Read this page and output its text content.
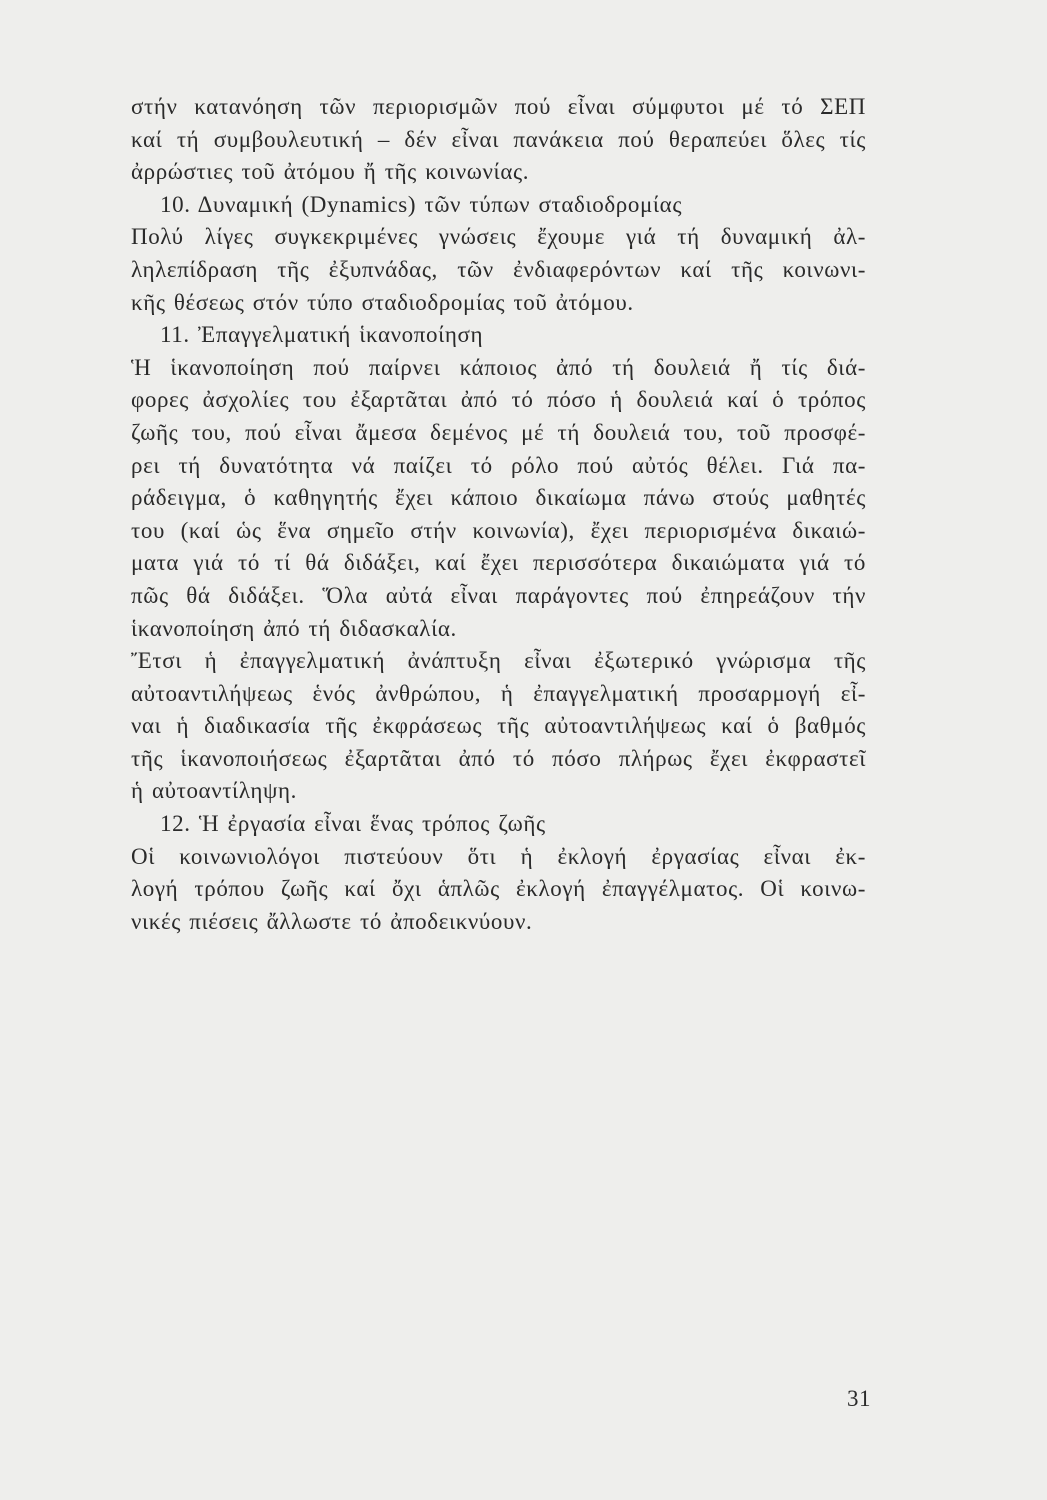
στήν κατανόηση τῶν περιορισμῶν πού εἶναι σύμφυτοι μέ τό ΣΕΠ
καί τή συμβουλευτική – δέν εἶναι πανάκεια πού θεραπεύει ὅλες τίς
ἀρρώστιες τοῦ ἀτόμου ἤ τῆς κοινωνίας.
10. Δυναμική (Dynamics) τῶν τύπων σταδιοδρομίας
Πολύ λίγες συγκεκριμένες γνώσεις ἔχουμε γιά τή δυναμική ἀλ-
ληλεπίδραση τῆς ἐξυπνάδας, τῶν ἐνδιαφερόντων καί τῆς κοινωνι-
κῆς θέσεως στόν τύπο σταδιοδρομίας τοῦ ἀτόμου.
11. Ἐπαγγελματική ἱκανοποίηση
Ἡ ἱκανοποίηση πού παίρνει κάποιος ἀπό τή δουλειά ἤ τίς διά-
φορες ἀσχολίες του ἐξαρτᾶται ἀπό τό πόσο ἡ δουλειά καί ὁ τρόπος
ζωῆς του, πού εἶναι ἄμεσα δεμένος μέ τή δουλειά του, τοῦ προσφέ-
ρει τή δυνατότητα νά παίζει τό ρόλο πού αὐτός θέλει. Γιά πα-
ράδειγμα, ὁ καθηγητής ἔχει κάποιο δικαίωμα πάνω στούς μαθητές
του (καί ὡς ἕνα σημεῖο στήν κοινωνία), ἔχει περιορισμένα δικαιώ-
ματα γιά τό τί θά διδάξει, καί ἔχει περισσότερα δικαιώματα γιά τό
πῶς θά διδάξει. Ὅλα αὐτά εἶναι παράγοντες πού ἐπηρεάζουν τήν
ἱκανοποίηση ἀπό τή διδασκαλία.
Ἔτσι ἡ ἐπαγγελματική ἀνάπτυξη εἶναι ἐξωτερικό γνώρισμα τῆς
αὐτοαντιλήψεως ἑνός ἀνθρώπου, ἡ ἐπαγγελματική προσαρμογή εἶ-
ναι ἡ διαδικασία τῆς ἐκφράσεως τῆς αὐτοαντιλήψεως καί ὁ βαθμός
τῆς ἱκανοποιήσεως ἐξαρτᾶται ἀπό τό πόσο πλήρως ἔχει ἐκφραστεῖ
ἡ αὐτοαντίληψη.
12. Ἡ ἐργασία εἶναι ἕνας τρόπος ζωῆς
Οἱ κοινωνιολόγοι πιστεύουν ὅτι ἡ ἐκλογή ἐργασίας εἶναι ἐκ-
λογή τρόπου ζωῆς καί ὄχι ἁπλῶς ἐκλογή ἐπαγγέλματος. Οἱ κοινω-
νικές πιέσεις ἄλλωστε τό ἀποδεικνύουν.
31
